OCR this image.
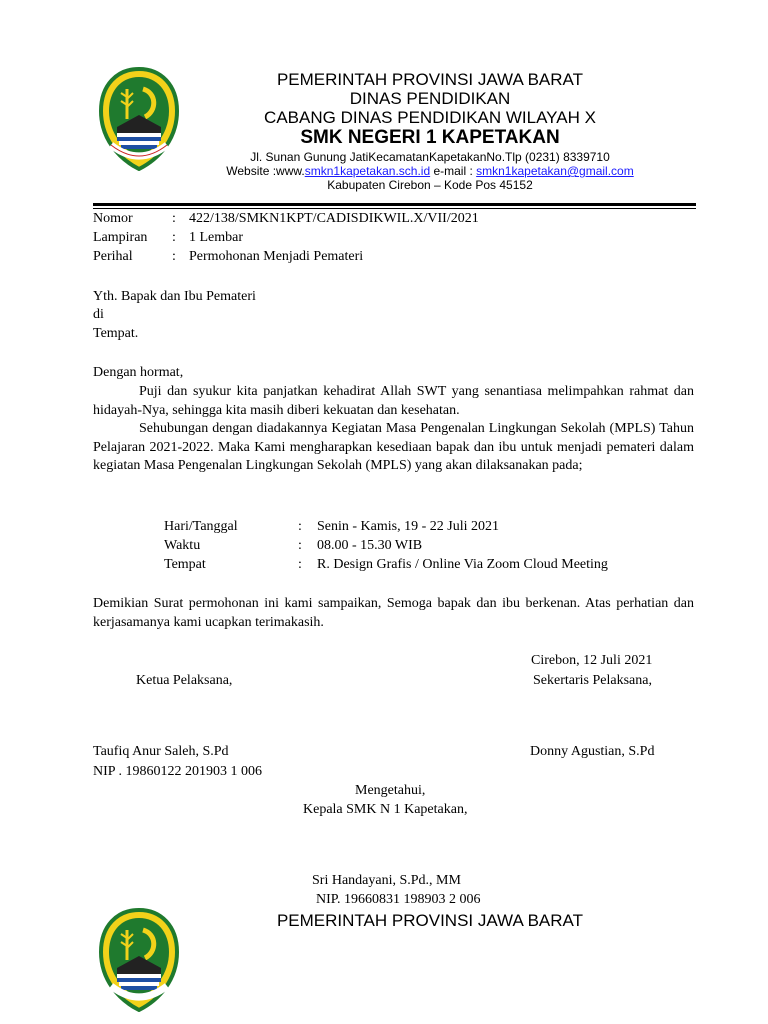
PEMERINTAH PROVINSI JAWA BARAT
DINAS PENDIDIKAN
CABANG DINAS PENDIDIKAN WILAYAH X
SMK NEGERI 1 KAPETAKAN
Jl. Sunan Gunung JatiKecamatanKapetakanNo.Tlp (0231) 8339710
Website :www.smkn1kapetakan.sch.id e-mail : smkn1kapetakan@gmail.com
Kabupaten Cirebon – Kode Pos 45152
Nomor	: 422/138/SMKN1KPT/CADISDIKWIL.X/VII/2021
Lampiran : 1 Lembar
Perihal	: Permohonan Menjadi Pemateri
Yth. Bapak dan Ibu Pemateri
di
Tempat.
Dengan hormat,
Puji dan syukur kita panjatkan kehadirat Allah SWT yang senantiasa melimpahkan rahmat dan hidayah-Nya, sehingga kita masih diberi kekuatan dan kesehatan.
Sehubungan dengan diadakannya Kegiatan Masa Pengenalan Lingkungan Sekolah (MPLS) Tahun Pelajaran 2021-2022. Maka Kami mengharapkan kesediaan bapak dan ibu untuk menjadi pemateri dalam kegiatan Masa Pengenalan Lingkungan Sekolah (MPLS) yang akan dilaksanakan pada;
Hari/Tanggal	: Senin - Kamis, 19 - 22 Juli 2021
Waktu	: 08.00 - 15.30 WIB
Tempat	: R. Design Grafis / Online Via Zoom Cloud Meeting
Demikian Surat permohonan ini kami sampaikan, Semoga bapak dan ibu berkenan. Atas perhatian dan kerjasamanya kami ucapkan terimakasih.
Cirebon, 12 Juli 2021
Ketua Pelaksana,	Sekertaris Pelaksana,
Taufiq Anur Saleh, S.Pd	Donny Agustian, S.Pd
NIP . 19860122 201903 1 006
Mengetahui,
Kepala SMK N 1 Kapetakan,
Sri Handayani, S.Pd., MM
NIP. 19660831 198903 2 006
PEMERINTAH PROVINSI JAWA BARAT
